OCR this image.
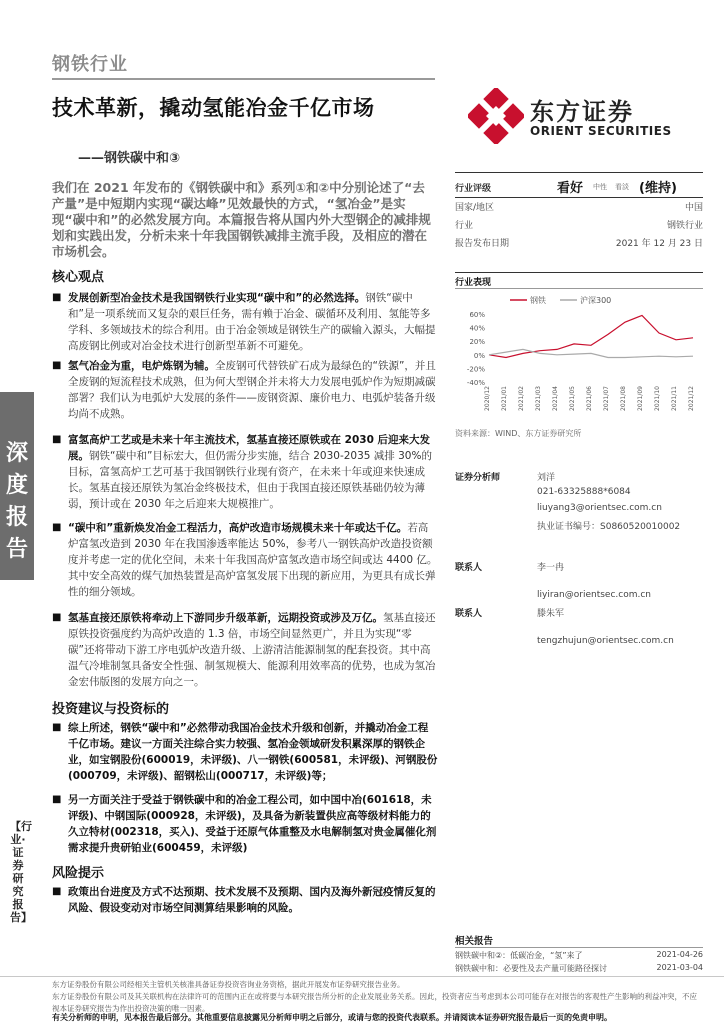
钢铁行业
技术革新，撬动氢能冶金千亿市场
——钢铁碳中和③
东方证券
ORIENT SECURITIES
我们在 2021 年发布的《钢铁碳中和》系列①和②中分别论述了“去产量”是中短期内实现“碳达峰”见效最快的方式，“氢冶金”是实现“碳中和”的必然发展方向。本篇报告将从国内外大型钢企的减排规划和实践出发，分析未来十年我国钢铁减排主流手段，及相应的潜在市场机会。
核心观点
■ 发展创新型冶金技术是我国钢铁行业实现“碳中和”的必然选择。钢铁“碳中和”是一项系统而又复杂的艰巨任务，需有赖于冶金、碳循环及利用、氢能等多学科、多领域技术的综合利用。由于冶金领域是钢铁生产的碳输入源头，大幅提高废钢比例或对冶金技术进行创新型革新不可避免。
■ 氢气冶金为重，电炉炼钢为辅。全废钢可代替铁矿石成为最绿色的“铁源”，并且全废钢的短流程技术成熟，但为何大型钢企并未将大力发展电弧炉作为短期减碳部署？我们认为电弧炉大发展的条件——废钢资源、廉价电力、电弧炉装备升级均尚不成熟。
■ 富氢高炉工艺或是未来十年主流技术，氢基直接还原铁或在 2030 后迎来大发展。钢铁“碳中和”目标宏大，但仍需分步实施，结合 2030-2035 减排 30%的目标，富氢高炉工艺可基于我国钢铁行业现有资产，在未来十年或迎来快速成长。氢基直接还原铁为氢冶金终极技术，但由于我国直接还原铁基础仍较为薄弱，预计或在 2030 年之后迎来大规模推广。
■ “碳中和”重新焕发冶金工程活力，高炉改造市场规模未来十年或达千亿。若高炉富氢改造到 2030 年在我国渗透率能达 50%，参考八一钢铁高炉改造投资额度并考虑一定的优化空间，未来十年我国高炉富氢改造市场空间或达 4400 亿。其中安全高效的煤气加热装置是高炉富氢发展下出现的新应用，为更具有成长弹性的细分领域。
■ 氢基直接还原铁将牵动上下游同步升级革新，远期投资或涉及万亿。氢基直接还原铁投资强度约为高炉改造的 1.3 倍，市场空间显然更广，并且为实现“零碳”还将带动下游工序电弧炉改造升级、上游清洁能源制氢的配套投资。其中高温气冷堆制氢具备安全性强、制氢规模大、能源利用效率高的优势，也成为氢冶金宏伟版图的发展方向之一。
投资建议与投资标的
■ 综上所述，钢铁“碳中和”必然带动我国冶金技术升级和创新，并撬动冶金工程千亿市场。建议一方面关注综合实力较强、氢冶金领域研发积累深厚的钢铁企业，如宝钢股份(600019，未评级)、八一钢铁(600581，未评级)、河钢股份(000709，未评级)、韶钢松山(000717，未评级)等；
■ 另一方面关注于受益于钢铁碳中和的冶金工程公司，如中国中冶(601618，未评级)、中钢国际(000928，未评级)，及具备为新装置供应高等级材料能力的久立特材(002318，买入)、受益于还原气体重整及水电解制氢对贵金属催化剂需求提升贵研铂业(600459，未评级)
风险提示
■ 政策出台进度及方式不达预期、技术发展不及预期、国内及海外新冠疫情反复的风险、假设变动对市场空间测算结果影响的风险。
深度报告
【行业·证券研究报告】
行业评级	看好 中性 看淡 (维持)
国家/地区	中国
行业	钢铁行业
报告发布日期	2021 年 12 月 23 日
行业表现
钢铁	沪深300
60%
40%
20%
0%
-20%
-40%
2020/12 2021/01 2021/02 2021/03 2021/04 2021/05 2021/06 2021/07 2021/08 2021/09 2021/10 2021/11 2021/12
资料来源：WIND、东方证券研究所
证券分析师	刘洋
021-63325888*6084
liuyang3@orientsec.com.cn
执业证书编号：S0860520010002
联系人	李一冉
liyiran@orientsec.com.cn
联系人	滕朱军
tengzhujun@orientsec.com.cn
相关报告
钢铁碳中和②：低碳冶金，“氢”来了	2021-04-26
钢铁碳中和：必要性及去产量可能路径探讨	2021-03-04
东方证券股份有限公司经相关主管机关核准具备证券投资咨询业务资格，据此开展发布证券研究报告业务。
东方证券股份有限公司及其关联机构在法律许可的范围内正在或将要与本研究报告所分析的企业发展业务关系。因此，投资者应当考虑到本公司可能存在对报告的客观性产生影响的利益冲突，不应视本证券研究报告为作出投资决策的唯一因素。
有关分析师的申明，见本报告最后部分。其他重要信息披露见分析师申明之后部分，或请与您的投资代表联系。并请阅读本证券研究报告最后一页的免责申明。
